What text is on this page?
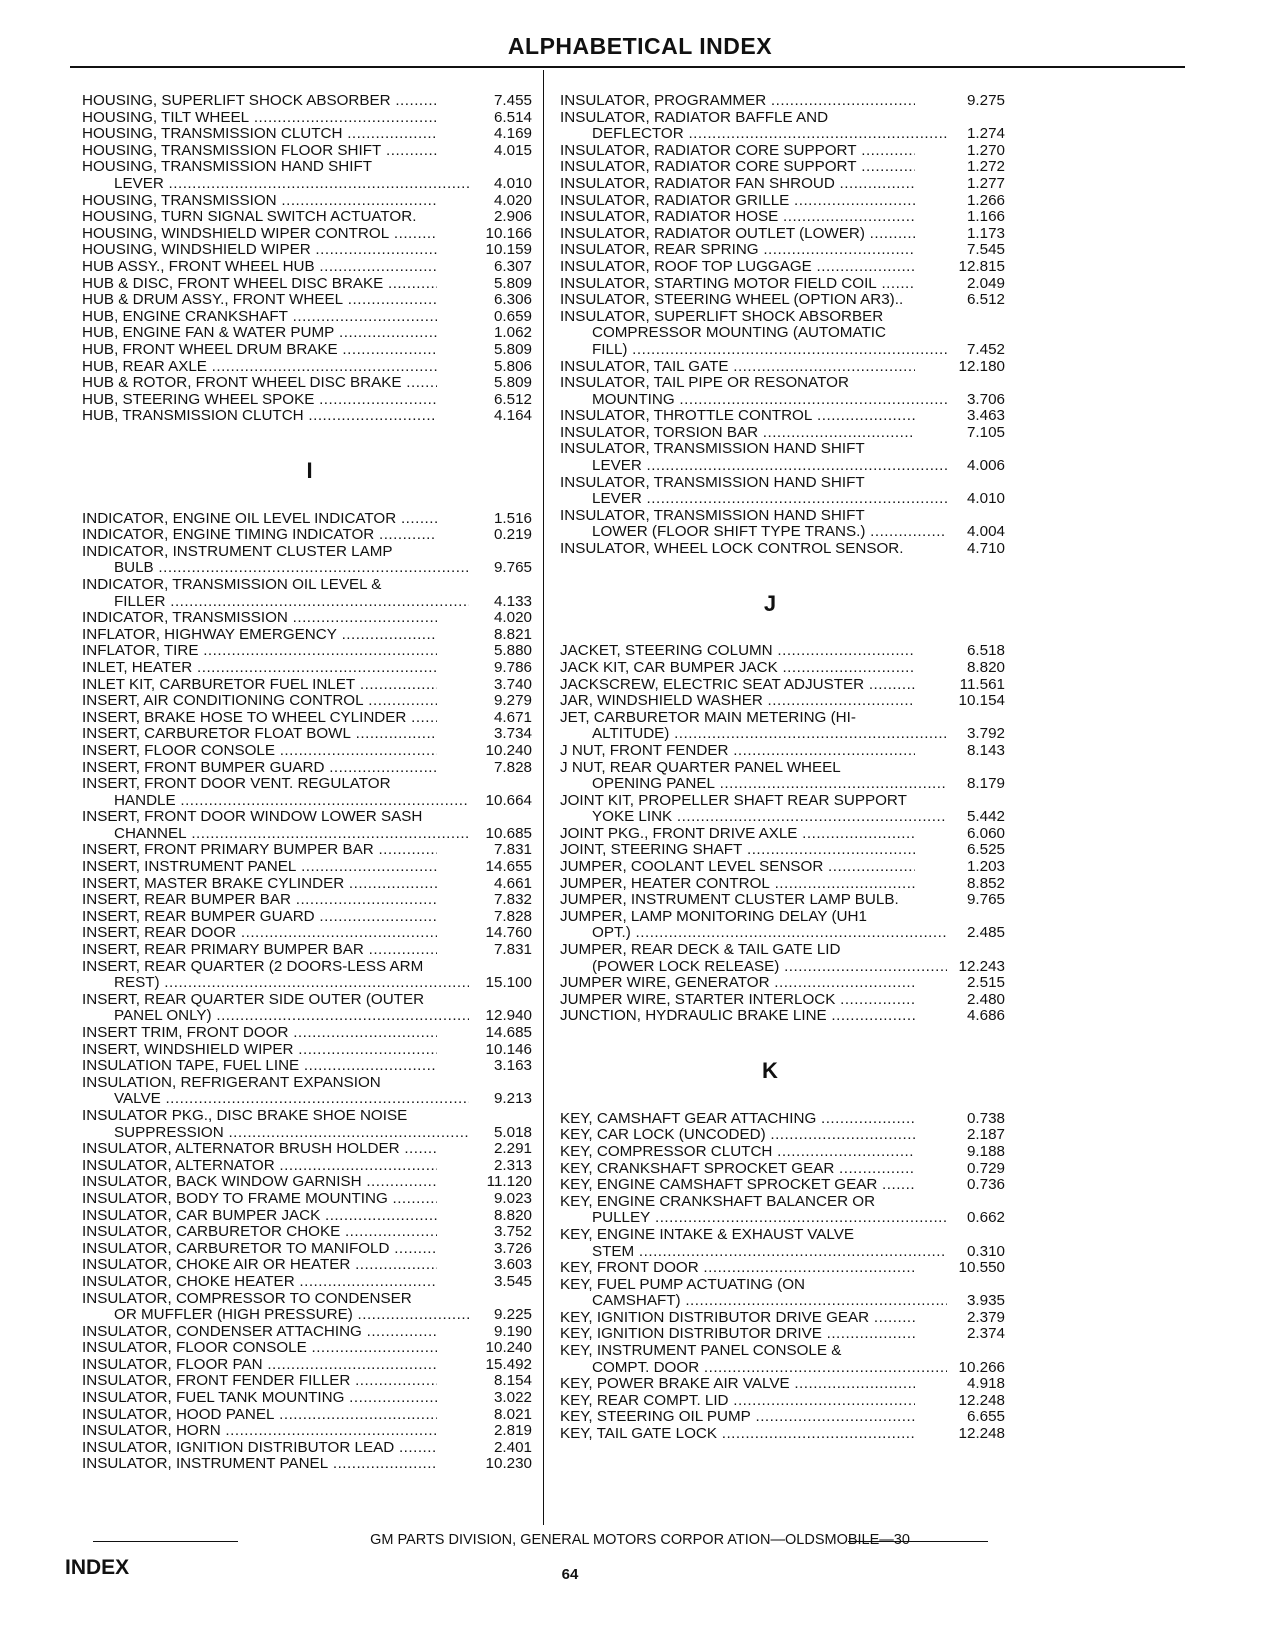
ALPHABETICAL INDEX
HOUSING, SUPERLIFT SHOCK ABSORBER .....	7.455
HOUSING, TILT WHEEL .....	6.514
HOUSING, TRANSMISSION CLUTCH .....	4.169
HOUSING, TRANSMISSION FLOOR SHIFT .....	4.015
HOUSING, TRANSMISSION HAND SHIFT
LEVER .....	4.010
HOUSING, TRANSMISSION .....	4.020
HOUSING, TURN SIGNAL SWITCH ACTUATOR.	2.906
HOUSING, WINDSHIELD WIPER CONTROL .....	10.166
HOUSING, WINDSHIELD WIPER .....	10.159
HUB ASSY., FRONT WHEEL HUB .....	6.307
HUB & DISC, FRONT WHEEL DISC BRAKE .....	5.809
HUB & DRUM ASSY., FRONT WHEEL .....	6.306
HUB, ENGINE CRANKSHAFT .....	0.659
HUB, ENGINE FAN & WATER PUMP .....	1.062
HUB, FRONT WHEEL DRUM BRAKE .....	5.809
HUB, REAR AXLE .....	5.806
HUB & ROTOR, FRONT WHEEL DISC BRAKE .....	5.809
HUB, STEERING WHEEL SPOKE .....	6.512
HUB, TRANSMISSION CLUTCH .....	4.164
I
INDICATOR, ENGINE OIL LEVEL INDICATOR .....	1.516
INDICATOR, ENGINE TIMING INDICATOR .....	0.219
INDICATOR, INSTRUMENT CLUSTER LAMP
BULB .....	9.765
INDICATOR, TRANSMISSION OIL LEVEL &
FILLER .....	4.133
INDICATOR, TRANSMISSION .....	4.020
INFLATOR, HIGHWAY EMERGENCY .....	8.821
INFLATOR, TIRE .....	5.880
INLET, HEATER .....	9.786
INLET KIT, CARBURETOR FUEL INLET .....	3.740
INSERT, AIR CONDITIONING CONTROL .....	9.279
INSERT, BRAKE HOSE TO WHEEL CYLINDER .....	4.671
INSERT, CARBURETOR FLOAT BOWL .....	3.734
INSERT, FLOOR CONSOLE .....	10.240
INSERT, FRONT BUMPER GUARD .....	7.828
INSERT, FRONT DOOR VENT. REGULATOR
HANDLE .....	10.664
INSERT, FRONT DOOR WINDOW LOWER SASH
CHANNEL .....	10.685
INSERT, FRONT PRIMARY BUMPER BAR .....	7.831
INSERT, INSTRUMENT PANEL .....	14.655
INSERT, MASTER BRAKE CYLINDER .....	4.661
INSERT, REAR BUMPER BAR .....	7.832
INSERT, REAR BUMPER GUARD .....	7.828
INSERT, REAR DOOR .....	14.760
INSERT, REAR PRIMARY BUMPER BAR .....	7.831
INSERT, REAR QUARTER (2 DOORS-LESS ARM
REST) .....	15.100
INSERT, REAR QUARTER SIDE OUTER (OUTER
PANEL ONLY) .....	12.940
INSERT TRIM, FRONT DOOR .....	14.685
INSERT, WINDSHIELD WIPER .....	10.146
INSULATION TAPE, FUEL LINE .....	3.163
INSULATION, REFRIGERANT EXPANSION
VALVE .....	9.213
INSULATOR PKG., DISC BRAKE SHOE NOISE
SUPPRESSION .....	5.018
INSULATOR, ALTERNATOR BRUSH HOLDER .....	2.291
INSULATOR, ALTERNATOR .....	2.313
INSULATOR, BACK WINDOW GARNISH .....	11.120
INSULATOR, BODY TO FRAME MOUNTING .....	9.023
INSULATOR, CAR BUMPER JACK .....	8.820
INSULATOR, CARBURETOR CHOKE .....	3.752
INSULATOR, CARBURETOR TO MANIFOLD .....	3.726
INSULATOR, CHOKE AIR OR HEATER .....	3.603
INSULATOR, CHOKE HEATER .....	3.545
INSULATOR, COMPRESSOR TO CONDENSER
OR MUFFLER (HIGH PRESSURE) .....	9.225
INSULATOR, CONDENSER ATTACHING .....	9.190
INSULATOR, FLOOR CONSOLE .....	10.240
INSULATOR, FLOOR PAN .....	15.492
INSULATOR, FRONT FENDER FILLER .....	8.154
INSULATOR, FUEL TANK MOUNTING .....	3.022
INSULATOR, HOOD PANEL .....	8.021
INSULATOR, HORN .....	2.819
INSULATOR, IGNITION DISTRIBUTOR LEAD .....	2.401
INSULATOR, INSTRUMENT PANEL .....	10.230
INSULATOR, PROGRAMMER .....	9.275
INSULATOR, RADIATOR BAFFLE AND
DEFLECTOR .....	1.274
INSULATOR, RADIATOR CORE SUPPORT .....	1.270
INSULATOR, RADIATOR CORE SUPPORT .....	1.272
INSULATOR, RADIATOR FAN SHROUD .....	1.277
INSULATOR, RADIATOR GRILLE .....	1.266
INSULATOR, RADIATOR HOSE .....	1.166
INSULATOR, RADIATOR OUTLET (LOWER) .....	1.173
INSULATOR, REAR SPRING .....	7.545
INSULATOR, ROOF TOP LUGGAGE .....	12.815
INSULATOR, STARTING MOTOR FIELD COIL .....	2.049
INSULATOR, STEERING WHEEL (OPTION AR3)..	6.512
INSULATOR, SUPERLIFT SHOCK ABSORBER
COMPRESSOR MOUNTING (AUTOMATIC
FILL) .....	7.452
INSULATOR, TAIL GATE .....	12.180
INSULATOR, TAIL PIPE OR RESONATOR
MOUNTING .....	3.706
INSULATOR, THROTTLE CONTROL .....	3.463
INSULATOR, TORSION BAR .....	7.105
INSULATOR, TRANSMISSION HAND SHIFT
LEVER .....	4.006
INSULATOR, TRANSMISSION HAND SHIFT
LEVER .....	4.010
INSULATOR, TRANSMISSION HAND SHIFT
LOWER (FLOOR SHIFT TYPE TRANS.) .....	4.004
INSULATOR, WHEEL LOCK CONTROL SENSOR.	4.710
J
JACKET, STEERING COLUMN .....	6.518
JACK KIT, CAR BUMPER JACK .....	8.820
JACKSCREW, ELECTRIC SEAT ADJUSTER .....	11.561
JAR, WINDSHIELD WASHER .....	10.154
JET, CARBURETOR MAIN METERING (HI-
ALTITUDE) .....	3.792
J NUT, FRONT FENDER .....	8.143
J NUT, REAR QUARTER PANEL WHEEL
OPENING PANEL .....	8.179
JOINT KIT, PROPELLER SHAFT REAR SUPPORT
YOKE LINK .....	5.442
JOINT PKG., FRONT DRIVE AXLE .....	6.060
JOINT, STEERING SHAFT .....	6.525
JUMPER, COOLANT LEVEL SENSOR .....	1.203
JUMPER, HEATER CONTROL .....	8.852
JUMPER, INSTRUMENT CLUSTER LAMP BULB.	9.765
JUMPER, LAMP MONITORING DELAY (UH1
OPT.) .....	2.485
JUMPER, REAR DECK & TAIL GATE LID
(POWER LOCK RELEASE) .....	12.243
JUMPER WIRE, GENERATOR .....	2.515
JUMPER WIRE, STARTER INTERLOCK .....	2.480
JUNCTION, HYDRAULIC BRAKE LINE .....	4.686
K
KEY, CAMSHAFT GEAR ATTACHING .....	0.738
KEY, CAR LOCK (UNCODED) .....	2.187
KEY, COMPRESSOR CLUTCH .....	9.188
KEY, CRANKSHAFT SPROCKET GEAR .....	0.729
KEY, ENGINE CAMSHAFT SPROCKET GEAR .....	0.736
KEY, ENGINE CRANKSHAFT BALANCER OR
PULLEY .....	0.662
KEY, ENGINE INTAKE & EXHAUST VALVE
STEM .....	0.310
KEY, FRONT DOOR .....	10.550
KEY, FUEL PUMP ACTUATING (ON
CAMSHAFT) .....	3.935
KEY, IGNITION DISTRIBUTOR DRIVE GEAR .....	2.379
KEY, IGNITION DISTRIBUTOR DRIVE .....	2.374
KEY, INSTRUMENT PANEL CONSOLE &
COMPT. DOOR .....	10.266
KEY, POWER BRAKE AIR VALVE .....	4.918
KEY, REAR COMPT. LID .....	12.248
KEY, STEERING OIL PUMP .....	6.655
KEY, TAIL GATE LOCK .....	12.248
GM PARTS DIVISION, GENERAL MOTORS CORPOR ATION—OLDSMOBILE—30
INDEX	64
